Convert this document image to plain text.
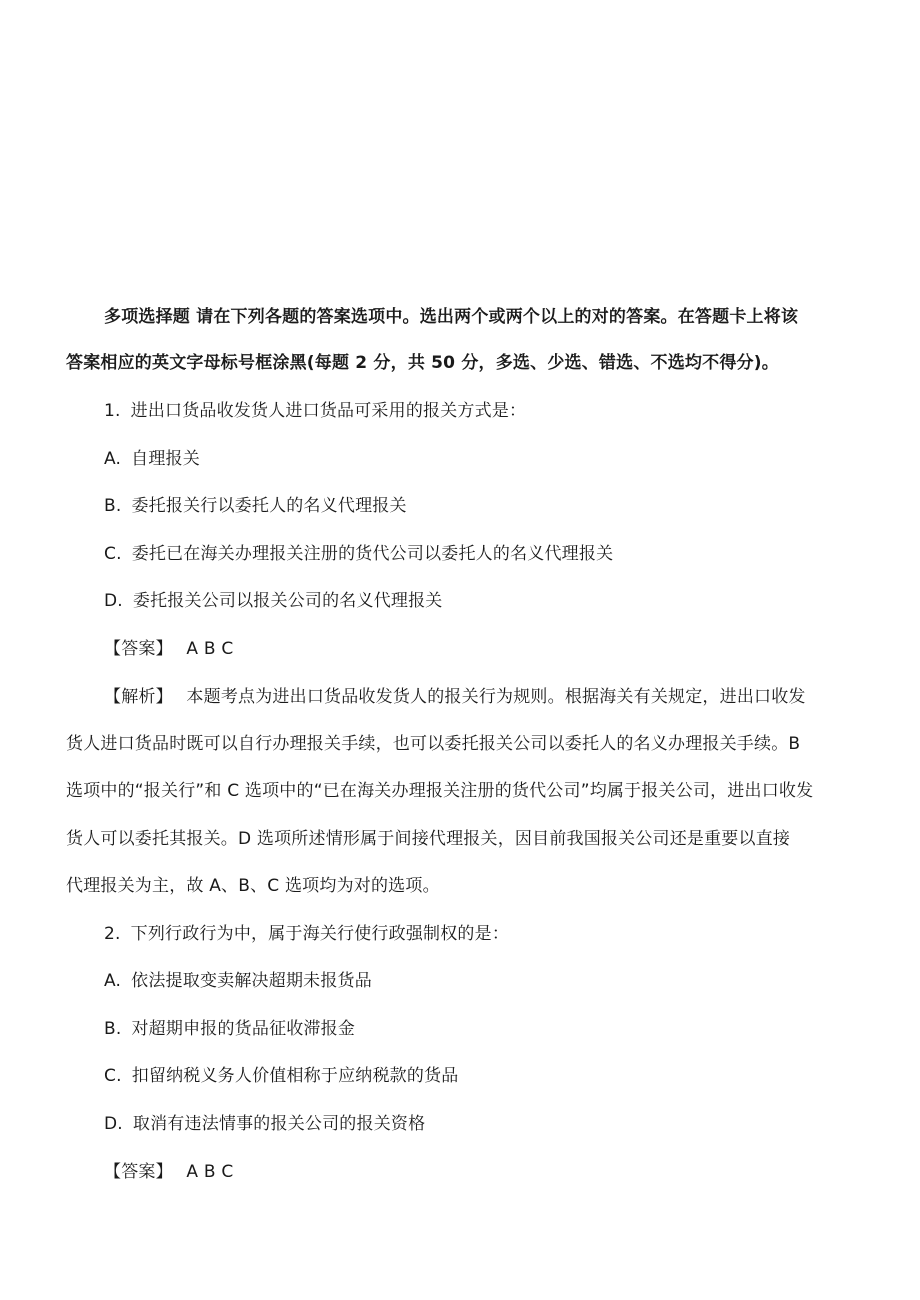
多项选择题 请在下列各题的答案选项中。选出两个或两个以上的对的答案。在答题卡上将该
答案相应的英文字母标号框涂黑(每题 2 分，共 50 分，多选、少选、错选、不选均不得分)。
1. 进出口货品收发货人进口货品可采用的报关方式是：
A. 自理报关
B. 委托报关行以委托人的名义代理报关
C. 委托已在海关办理报关注册的货代公司以委托人的名义代理报关
D. 委托报关公司以报关公司的名义代理报关
【答案】 A B C
【解析】 本题考点为进出口货品收发货人的报关行为规则。根据海关有关规定，进出口收发
货人进口货品时既可以自行办理报关手续，也可以委托报关公司以委托人的名义办理报关手续。B
选项中的“报关行”和 C 选项中的“已在海关办理报关注册的货代公司”均属于报关公司，进出口收发
货人可以委托其报关。D 选项所述情形属于间接代理报关，因目前我国报关公司还是重要以直接
代理报关为主，故 A、B、C 选项均为对的选项。
2. 下列行政行为中，属于海关行使行政强制权的是：
A. 依法提取变卖解决超期未报货品
B. 对超期申报的货品征收滞报金
C. 扣留纳税义务人价值相称于应纳税款的货品
D. 取消有违法情事的报关公司的报关资格
【答案】 A B C
